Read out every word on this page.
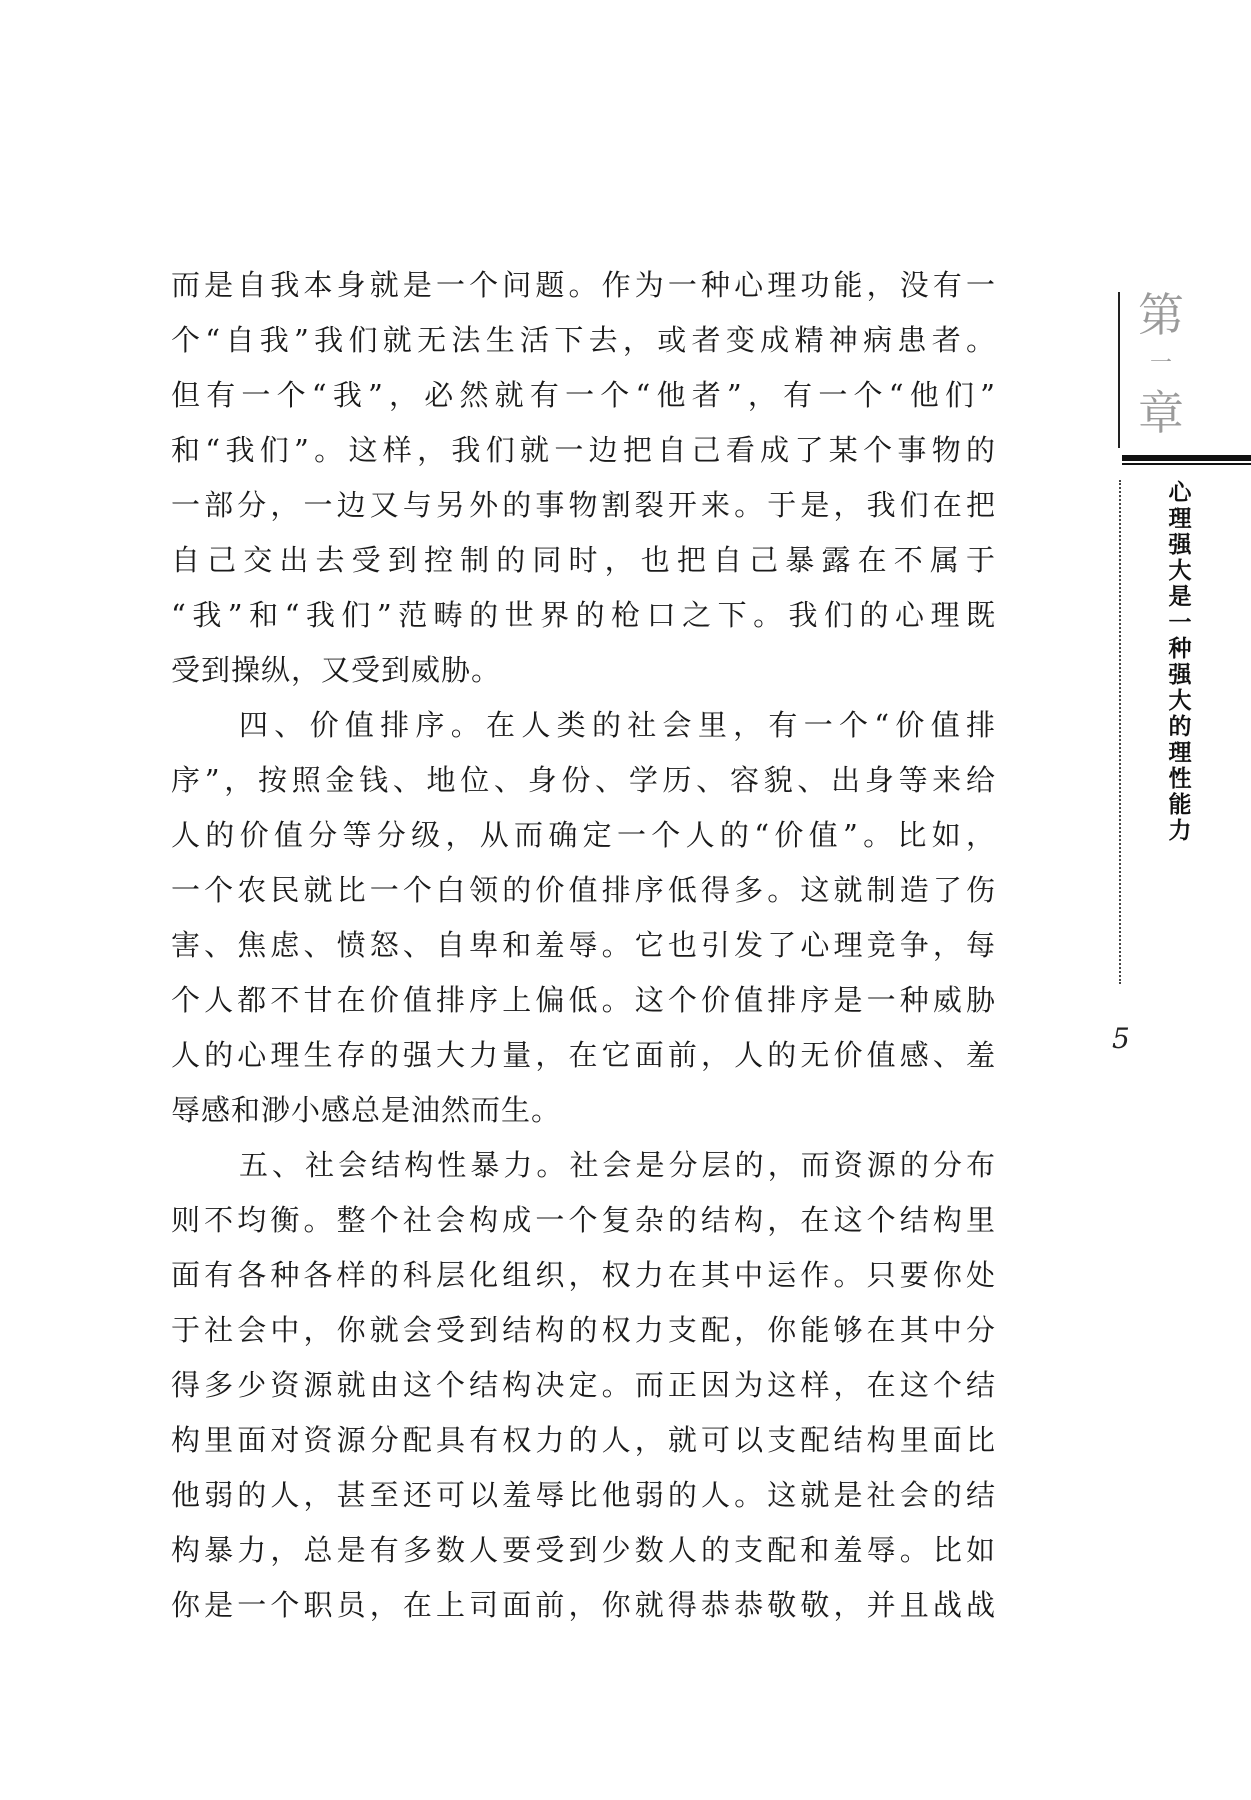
而是自我本身就是一个问题。作为一种心理功能，没有一
个“自我”我们就无法生活下去，或者变成精神病患者。
但有一个“我”，必然就有一个“他者”，有一个“他们”
和“我们”。这样，我们就一边把自己看成了某个事物的
一部分，一边又与另外的事物割裂开来。于是，我们在把
自己交出去受到控制的同时，也把自己暴露在不属于
“我”和“我们”范畴的世界的枪口之下。我们的心理既
受到操纵，又受到威胁。
四、价值排序。在人类的社会里，有一个“价值排
序”，按照金钱、地位、身份、学历、容貌、出身等来给
人的价值分等分级，从而确定一个人的“价值”。比如，
一个农民就比一个白领的价值排序低得多。这就制造了伤
害、焦虑、愤怒、自卑和羞辱。它也引发了心理竞争，每
个人都不甘在价值排序上偏低。这个价值排序是一种威胁
人的心理生存的强大力量，在它面前，人的无价值感、羞
辱感和渺小感总是油然而生。
五、社会结构性暴力。社会是分层的，而资源的分布
则不均衡。整个社会构成一个复杂的结构，在这个结构里
面有各种各样的科层化组织，权力在其中运作。只要你处
于社会中，你就会受到结构的权力支配，你能够在其中分
得多少资源就由这个结构决定。而正因为这样，在这个结
构里面对资源分配具有权力的人，就可以支配结构里面比
他弱的人，甚至还可以羞辱比他弱的人。这就是社会的结
构暴力，总是有多数人要受到少数人的支配和羞辱。比如
你是一个职员，在上司面前，你就得恭恭敬敬，并且战战
第
一
章
心理强大是一种强大的理性能力
5
